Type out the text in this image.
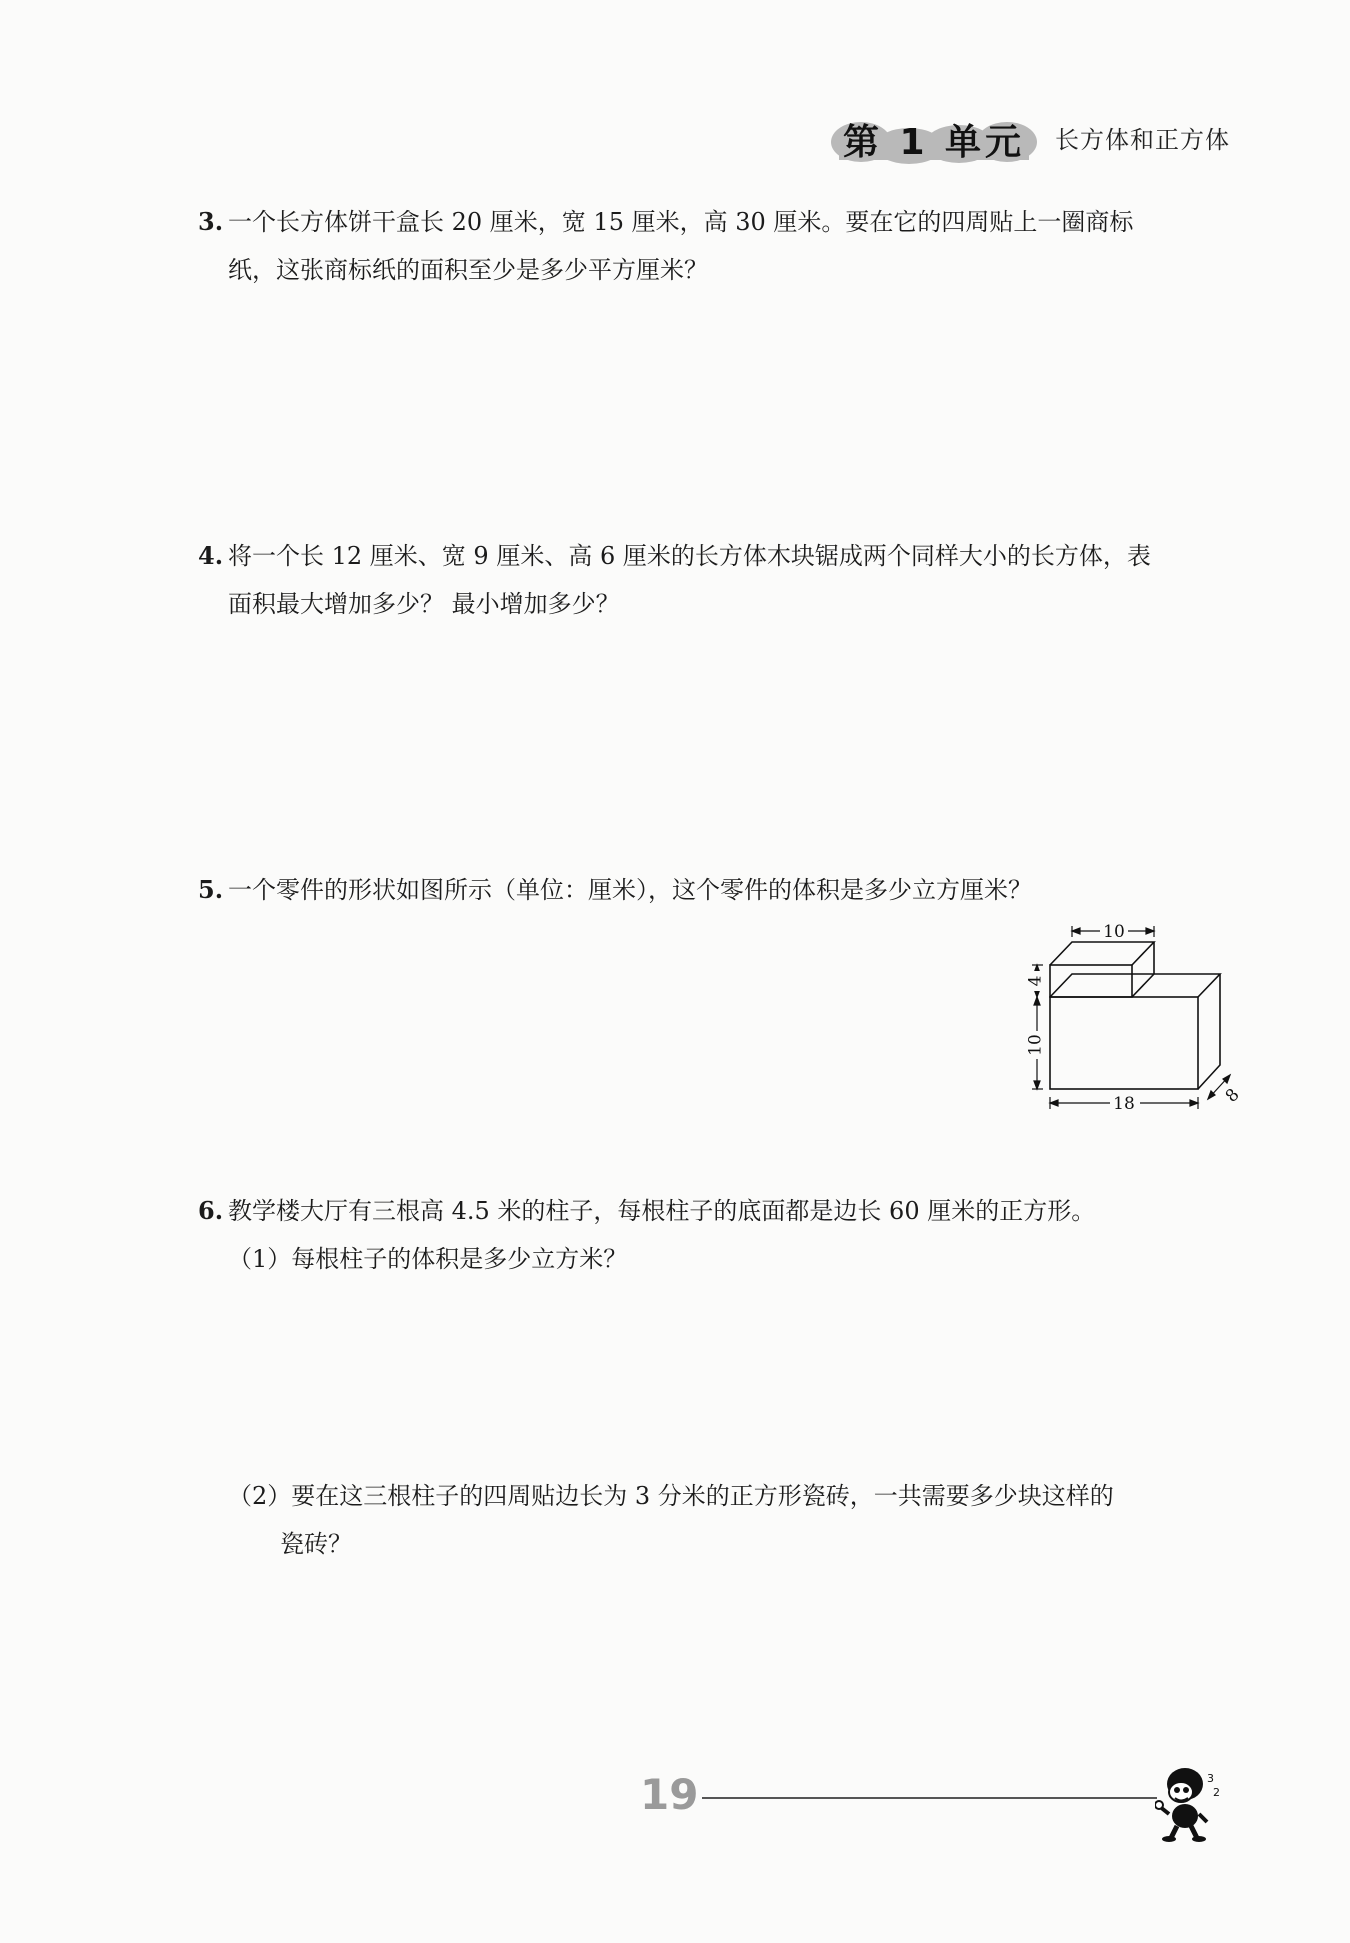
第 1 单元	长方体和正方体
3. 一个长方体饼干盒长 20 厘米，宽 15 厘米，高 30 厘米。要在它的四周贴上一圈商标
纸，这张商标纸的面积至少是多少平方厘米？
4. 将一个长 12 厘米、宽 9 厘米、高 6 厘米的长方体木块锯成两个同样大小的长方体，表
面积最大增加多少？ 最小增加多少？
5. 一个零件的形状如图所示（单位：厘米），这个零件的体积是多少立方厘米？
10
4
10
18	8
6. 教学楼大厅有三根高 4.5 米的柱子，每根柱子的底面都是边长 60 厘米的正方形。
（1）每根柱子的体积是多少立方米？
（2）要在这三根柱子的四周贴边长为 3 分米的正方形瓷砖，一共需要多少块这样的
瓷砖？
19	3
2
